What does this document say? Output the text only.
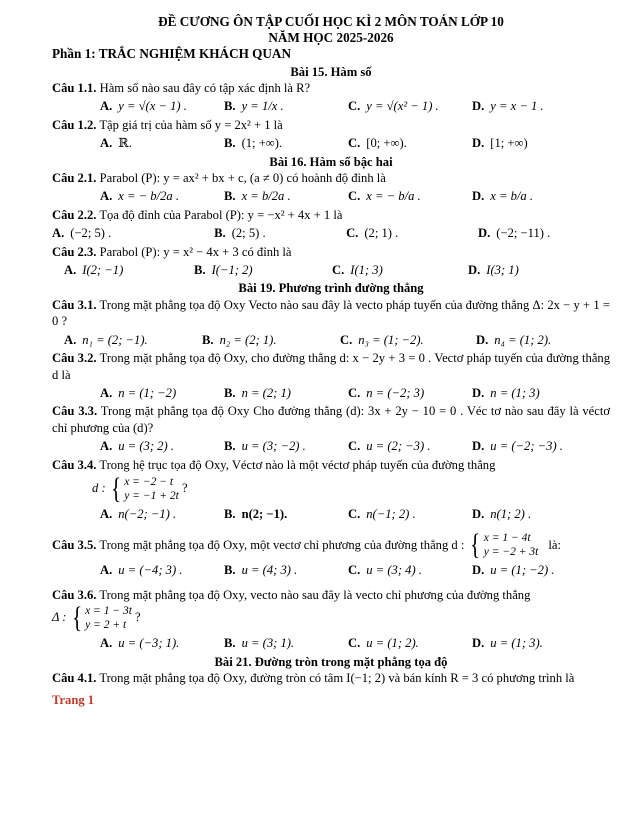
ĐỀ CƯƠNG ÔN TẬP CUỐI HỌC KÌ 2 MÔN TOÁN LỚP 10
NĂM HỌC 2025-2026
Phần 1: TRẮC NGHIỆM KHÁCH QUAN
Bài 15. Hàm số
Câu 1.1. Hàm số nào sau đây có tập xác định là R?
A. y = √(x − 1) .	B. y = 1/x .	C. y = √(x² − 1) .	D. y = x − 1 .
Câu 1.2. Tập giá trị của hàm số y = 2x² + 1 là
A. ℝ.	B. (1; +∞).	C. [0; +∞).	D. [1; +∞)
Bài 16. Hàm số bậc hai
Câu 2.1. Parabol (P): y = ax² + bx + c, (a ≠ 0) có hoành độ đỉnh là
A. x = − b/2a .	B. x = b/2a .	C. x = − b/a .	D. x = b/a .
Câu 2.2. Tọa độ đỉnh của Parabol (P): y = −x² + 4x + 1 là
A. (−2; 5) .	B. (2; 5) .	C. (2; 1) .	D. (−2; −11) .
Câu 2.3. Parabol (P): y = x² − 4x + 3 có đỉnh là
A. I(2; −1)	B. I(−1; 2)	C. I(1; 3)	D. I(3; 1)
Bài 19. Phương trình đường thẳng
Câu 3.1. Trong mặt phẳng tọa độ Oxy Vecto nào sau đây là vecto pháp tuyến của đường thẳng Δ: 2x − y + 1 = 0 ?
A. n₁ = (2; −1).	B. n₂ = (2; 1).	C. n₃ = (1; −2).	D. n₄ = (1; 2).
Câu 3.2. Trong mặt phẳng tọa độ Oxy, cho đường thẳng d: x − 2y + 3 = 0 . Vectơ pháp tuyến của đường thẳng d là
A. n = (1; −2)	B. n = (2; 1)	C. n = (−2; 3)	D. n = (1; 3)
Câu 3.3. Trong mặt phẳng tọa độ Oxy Cho đường thẳng (d): 3x + 2y − 10 = 0 . Véc tơ nào sau đây là véctơ chỉ phương của (d)?
A. u = (3; 2) .	B. u = (3; −2) .	C. u = (2; −3) .	D. u = (−2; −3) .
Câu 3.4. Trong hệ trục tọa độ Oxy, Véctơ nào là một véctơ pháp tuyến của đường thẳng
d : { x = −2 − t
y = −1 + 2t
?
A. n(−2; −1) .	B. n(2; −1).	C. n(−1; 2) .	D. n(1; 2) .
Câu 3.5. Trong mặt phẳng tọa độ Oxy, một vectơ chỉ phương của đường thẳng d : { x = 1 − 4t
y = −2 + 3t
là:
A. u = (−4; 3) .	B. u = (4; 3) .	C. u = (3; 4) .	D. u = (1; −2) .
Câu 3.6. Trong mặt phẳng tọa độ Oxy, vecto nào sau đây là vecto chỉ phương của đường thẳng
Δ : { x = 1 − 3t
y = 2 + t
?
A. u = (−3; 1).	B. u = (3; 1).	C. u = (1; 2).	D. u = (1; 3).
Bài 21. Đường tròn trong mặt phẳng tọa độ
Câu 4.1. Trong mặt phẳng tọa độ Oxy, đường tròn có tâm I(−1; 2) và bán kính R = 3 có phương trình là
Trang 1
